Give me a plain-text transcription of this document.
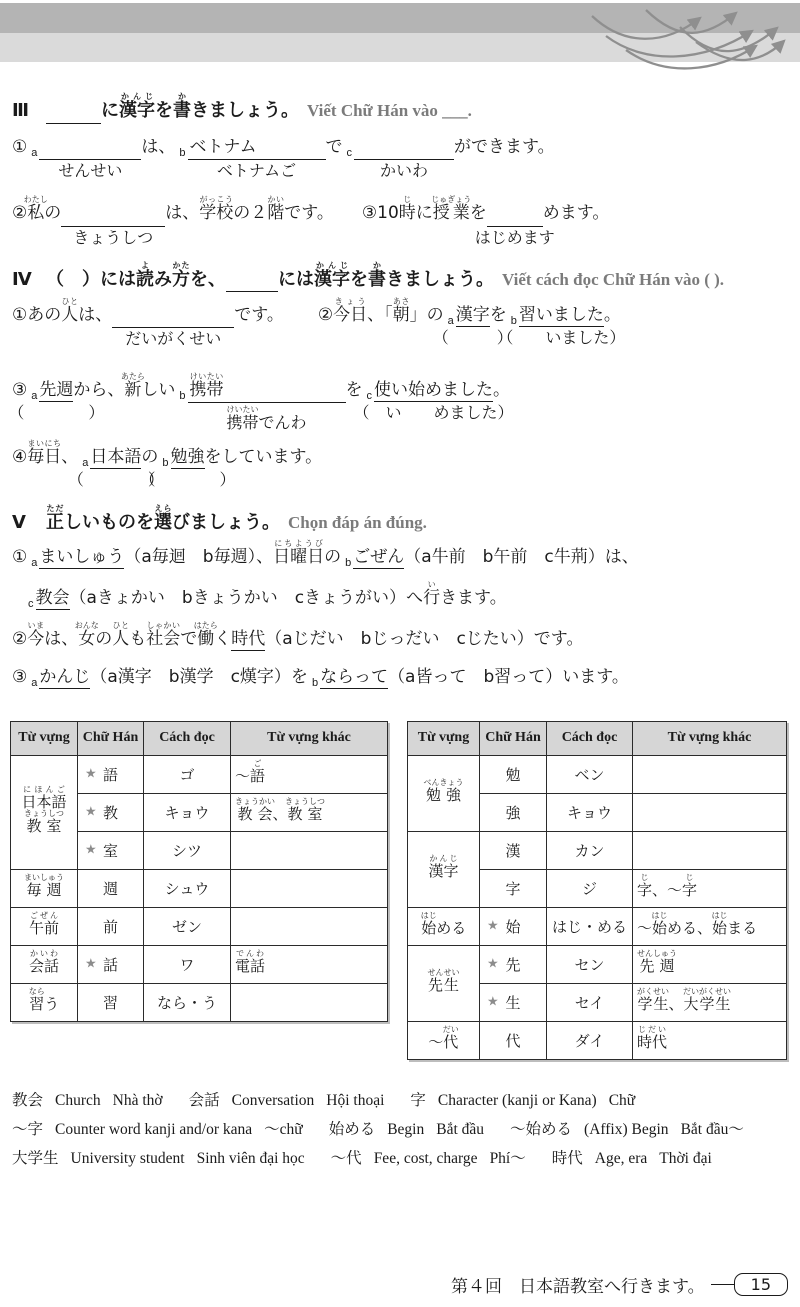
Ⅲ	に漢字かんじを書かきましょう。 Viết Chữ Hán vào ___.
① $_a$
せんせい
は、 $_b$ ベトナム
ベトナムご
で $_c$
かいわ
ができます。
②私わたしの
きょうしつ
は、学校がっこうの２階かいです。 ③10時じに授業じゅぎょうを
はじめます
めます。
Ⅳ （　）には読よみ方かたを、	には漢字かんじを書かきましょう。 Viết cách đọc Chữ Hán vào ( ).
①あの人ひとは、
だいがくせい
です。 ②今日きょう、「朝あさ」の $_a$ 漢字
（　　　）
を $_b$ 習いました
（　　いました）
。
③ $_a$ 先週
（　　　　）
から、新あたらしい $_b$ 携帯けいたい
携帯けいたいでんわ
を $_c$ 使い始めました
（　い　　めました）
。
④毎日まいにち、 $_a$ 日本語
（　　　　）
の $_b$ 勉強
（　　　　）
をしています。
Ⅴ 正ただしいものを選えらびましょう。 Chọn đáp án đúng.
① $_a$ まいしゅう（a毎迴　b毎週）、日曜日にちようびの $_b$ ごぜん（a牛前　b午前　c牛荊）は、
$_c$ 教会（aきょかい　bきょうかい　cきょうがい）へ行いきます。
②今いまは、女おんなの人ひとも社会しゃかいで働はたらく時代（aじだい　bじっだい　cじたい）です。
③ $_a$ かんじ（a漢字　b漢学　c熯字）を $_b$ ならって（a皆って　b習って）います。
Từ vựng	Chữ Hán	Cách đọc	Từ vựng khác
日本語にほんご
教室きょうしつ	★ 語	ゴ	～語ご

	★ 教	キョウ	教会きょうかい、教室きょうしつ

	★ 室	シツ	
毎週まいしゅう	週	シュウ	
午前ごぜん	前	ゼン	
会話かいわ	★ 話	ワ	電話でんわ
習ならう	習	なら・う	
Từ vựng	Chữ Hán	Cách đọc	Từ vựng khác
勉強べんきょう	勉	ベン	
	強	キョウ	
漢字かんじ	漢	カン	
	字	ジ	字じ、～字じ
始はじめる	★ 始	はじ・める	～始はじめる、始はじまる
先生せんせい	★ 先	セン	先週せんしゅう

	★ 生	セイ	学生がくせい、大学生だいがくせい
～代だい	代	ダイ	時代じだい
教会 Church Nhà thờ 会話 Conversation Hội thoại 字 Character (kanji or Kana) Chữ
～字 Counter word kanji and/or kana ～chữ 始める Begin Bắt đầu ～始める (Affix) Begin Bắt đầu～
大学生 University student Sinh viên đại học ～代 Fee, cost, charge Phí～ 時代 Age, era Thời đại
第４回　日本語教室へ行きます。	15
